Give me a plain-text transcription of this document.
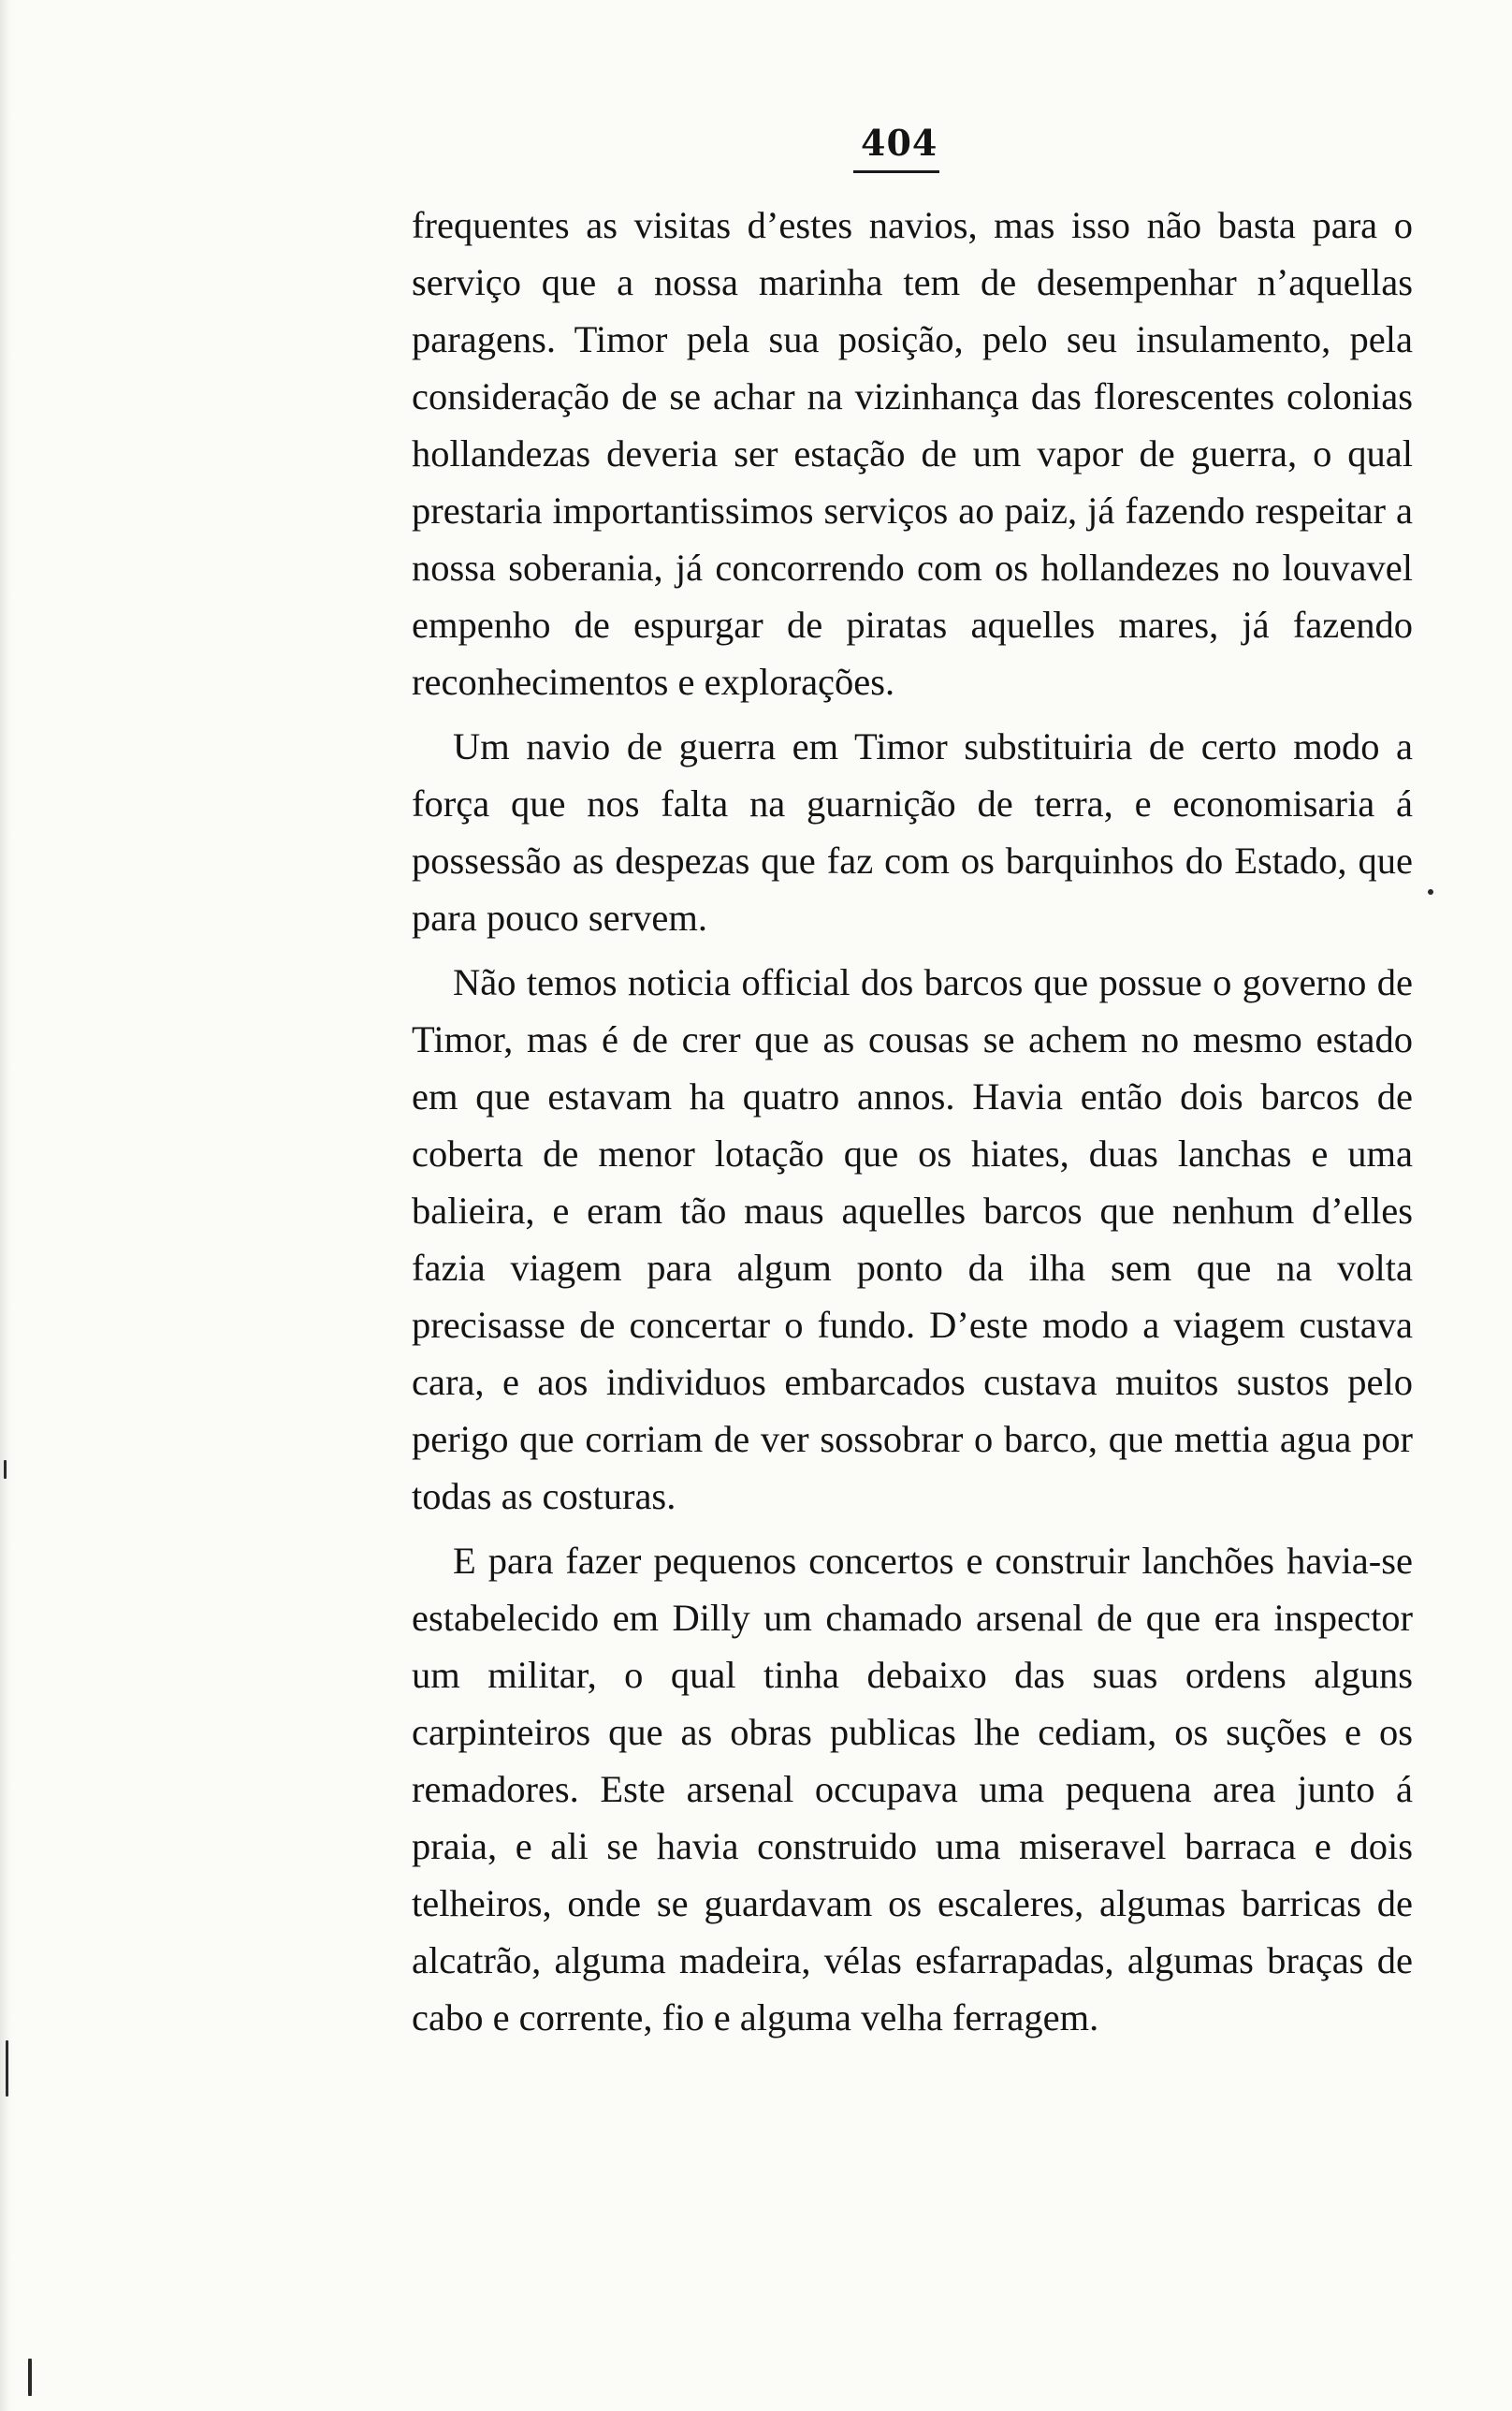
404

frequentes as visitas d’estes navios, mas isso não basta para o serviço que a nossa marinha tem de desempenhar n’aquellas paragens. Timor pela sua posição, pelo seu insulamento, pela consideração de se achar na vizinhança das florescentes colonias hollandezas deveria ser estação de um vapor de guerra, o qual prestaria importantissimos serviços ao paiz, já fazendo respeitar a nossa soberania, já concorrendo com os hollandezes no louvavel empenho de espurgar de piratas aquelles mares, já fazendo reconhecimentos e explorações.

Um navio de guerra em Timor substituiria de certo modo a força que nos falta na guarnição de terra, e economisaria á possessão as despezas que faz com os barquinhos do Estado, que para pouco servem.

Não temos noticia official dos barcos que possue o governo de Timor, mas é de crer que as cousas se achem no mesmo estado em que estavam ha quatro annos. Havia então dois barcos de coberta de menor lotação que os hiates, duas lanchas e uma balieira, e eram tão maus aquelles barcos que nenhum d’elles fazia viagem para algum ponto da ilha sem que na volta precisasse de concertar o fundo. D’este modo a viagem custava cara, e aos individuos embarcados custava muitos sustos pelo perigo que corriam de ver sossobrar o barco, que mettia agua por todas as costuras.

E para fazer pequenos concertos e construir lanchões havia-se estabelecido em Dilly um chamado arsenal de que era inspector um militar, o qual tinha debaixo das suas ordens alguns carpinteiros que as obras publicas lhe cediam, os suções e os remadores. Este arsenal occupava uma pequena area junto á praia, e ali se havia construido uma miseravel barraca e dois telheiros, onde se guardavam os escaleres, algumas barricas de alcatrão, alguma madeira, vélas esfarrapadas, algumas braças de cabo e corrente, fio e alguma velha ferragem.
